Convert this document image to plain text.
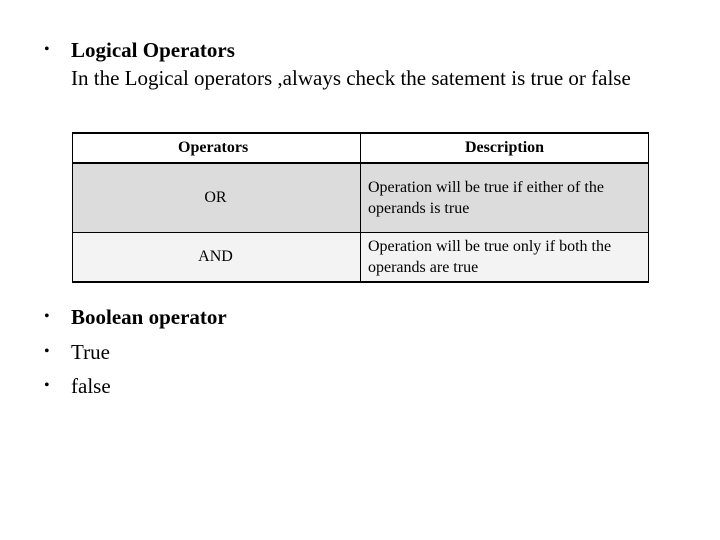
•	Logical Operators
In the Logical operators ,always check the satement is true or false
Operators	Description
OR	Operation will be true if either of the operands is true
AND	Operation will be true only if both the operands are true
•	Boolean operator
•	True
•	false
